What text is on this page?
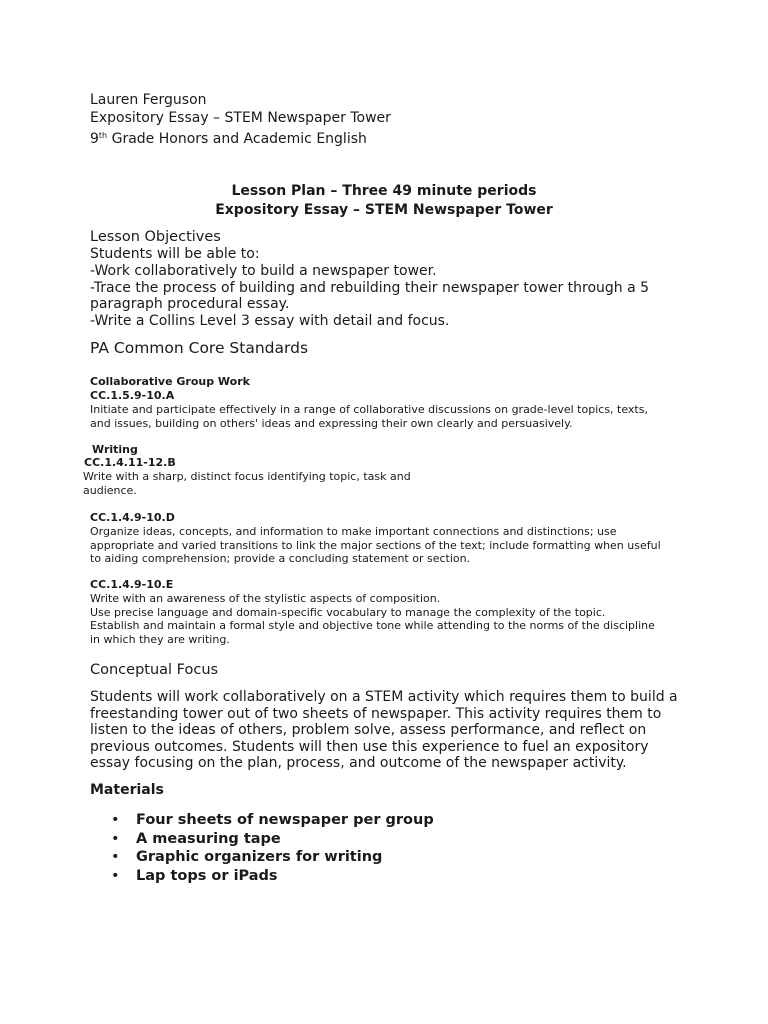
Lauren Ferguson
Expository Essay – STEM Newspaper Tower
9th Grade Honors and Academic English
Lesson Plan – Three 49 minute periods
Expository Essay – STEM Newspaper Tower
Lesson Objectives
Students will be able to:
-Work collaboratively to build a newspaper tower.
-Trace the process of building and rebuilding their newspaper tower through a 5
paragraph procedural essay.
-Write a Collins Level 3 essay with detail and focus.
PA Common Core Standards
Collaborative Group Work
CC.1.5.9-10.A
Initiate and participate effectively in a range of collaborative discussions on grade-level topics, texts,
and issues, building on others' ideas and expressing their own clearly and persuasively.
Writing
CC.1.4.11-12.B
Write with a sharp, distinct focus identifying topic, task and
audience.
CC.1.4.9-10.D
Organize ideas, concepts, and information to make important connections and distinctions; use
appropriate and varied transitions to link the major sections of the text; include formatting when useful
to aiding comprehension; provide a concluding statement or section.
CC.1.4.9-10.E
Write with an awareness of the stylistic aspects of composition.
Use precise language and domain-specific vocabulary to manage the complexity of the topic.
Establish and maintain a formal style and objective tone while attending to the norms of the discipline
in which they are writing.
Conceptual Focus
Students will work collaboratively on a STEM activity which requires them to build a
freestanding tower out of two sheets of newspaper. This activity requires them to
listen to the ideas of others, problem solve, assess performance, and reflect on
previous outcomes. Students will then use this experience to fuel an expository
essay focusing on the plan, process, and outcome of the newspaper activity.
Materials
• Four sheets of newspaper per group
• A measuring tape
• Graphic organizers for writing
• Lap tops or iPads
